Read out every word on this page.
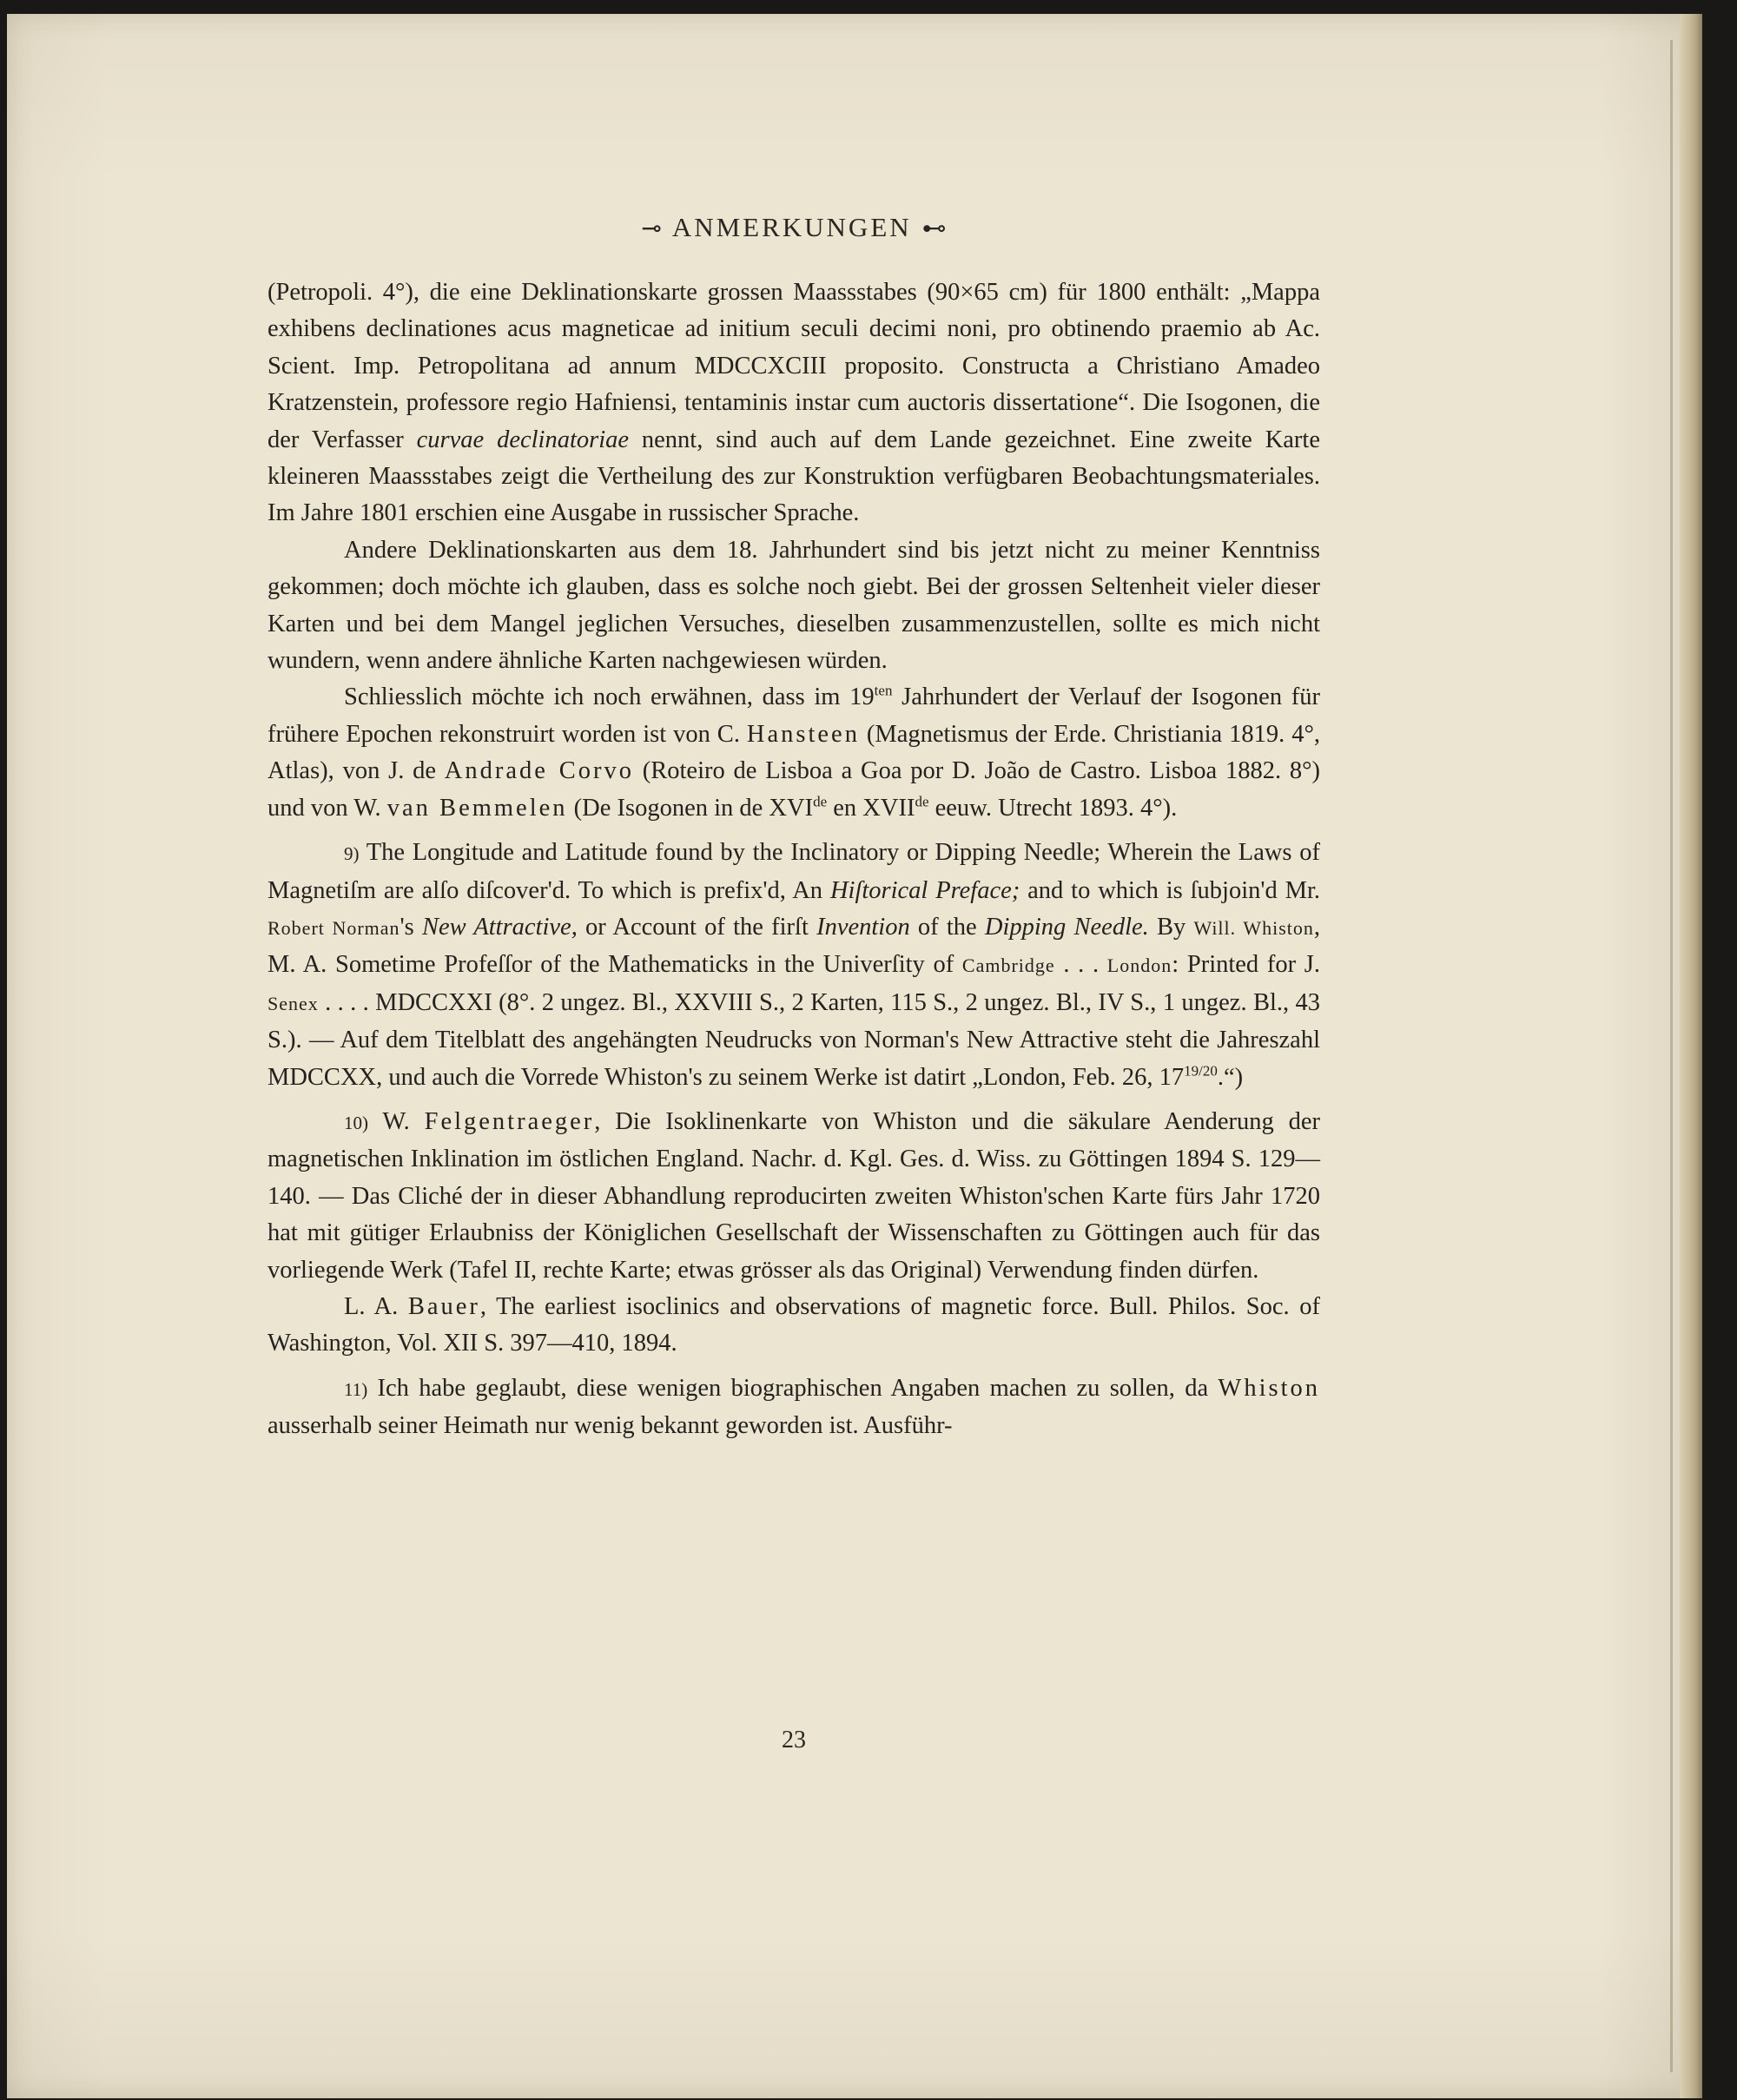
⊸ ANMERKUNGEN ⊷

(Petropoli. 4°), die eine Deklinationskarte grossen Maassstabes (90×65 cm) für 1800 enthält: „Mappa exhibens declinationes acus magneticae ad initium seculi decimi noni, pro obtinendo praemio ab Ac. Scient. Imp. Petropolitana ad annum MDCCXCIII proposito. Constructa a Christiano Amadeo Kratzenstein, professore regio Hafniensi, tentaminis instar cum auctoris dissertatione“. Die Isogonen, die der Verfasser curvae declinatoriae nennt, sind auch auf dem Lande gezeichnet. Eine zweite Karte kleineren Maassstabes zeigt die Vertheilung des zur Konstruktion verfügbaren Beobachtungsmateriales. Im Jahre 1801 erschien eine Ausgabe in russischer Sprache.

Andere Deklinationskarten aus dem 18. Jahrhundert sind bis jetzt nicht zu meiner Kenntniss gekommen; doch möchte ich glauben, dass es solche noch giebt. Bei der grossen Seltenheit vieler dieser Karten und bei dem Mangel jeglichen Versuches, dieselben zusammenzustellen, sollte es mich nicht wundern, wenn andere ähnliche Karten nachgewiesen würden.

Schliesslich möchte ich noch erwähnen, dass im $19^{ten}$ Jahrhundert der Verlauf der Isogonen für frühere Epochen rekonstruirt worden ist von C. Hansteen (Magnetismus der Erde. Christiania 1819. 4°, Atlas), von J. de Andrade Corvo (Roteiro de Lisboa a Goa por D. João de Castro. Lisboa 1882. 8°) und von W. van Bemmelen (De Isogonen in de XVIde en XVIIde eeuw. Utrecht 1893. 4°).

9) The Longitude and Latitude found by the Inclinatory or Dipping Needle; Wherein the Laws of Magnetiſm are alſo diſcover'd. To which is prefix'd, An Hiſtorical Preface; and to which is ſubjoin'd Mr. Robert Norman's New Attractive, or Account of the firſt Invention of the Dipping Needle. By Will. Whiston, M. A. Sometime Profeſſor of the Mathematicks in the Univerſity of Cambridge . . . London: Printed for J. Senex . . . . MDCCXXI (8°. 2 ungez. Bl., XXVIII S., 2 Karten, 115 S., 2 ungez. Bl., IV S., 1 ungez. Bl., 43 S.). — Auf dem Titelblatt des angehängten Neudrucks von Norman's New Attractive steht die Jahreszahl MDCCXX, und auch die Vorrede Whiston's zu seinem Werke ist datirt „London, Feb. 26, $17^{19/20}.“$)

10) W. Felgentraeger, Die Isoklinenkarte von Whiston und die säkulare Aenderung der magnetischen Inklination im östlichen England. Nachr. d. Kgl. Ges. d. Wiss. zu Göttingen 1894 S. 129—140. — Das Cliché der in dieser Abhandlung reproducirten zweiten Whiston'schen Karte fürs Jahr 1720 hat mit gütiger Erlaubniss der Königlichen Gesellschaft der Wissenschaften zu Göttingen auch für das vorliegende Werk (Tafel II, rechte Karte; etwas grösser als das Original) Verwendung finden dürfen.

L. A. Bauer, The earliest isoclinics and observations of magnetic force. Bull. Philos. Soc. of Washington, Vol. XII S. 397—410, 1894.

11) Ich habe geglaubt, diese wenigen biographischen Angaben machen zu sollen, da Whiston ausserhalb seiner Heimath nur wenig bekannt geworden ist. Ausführ-

23
